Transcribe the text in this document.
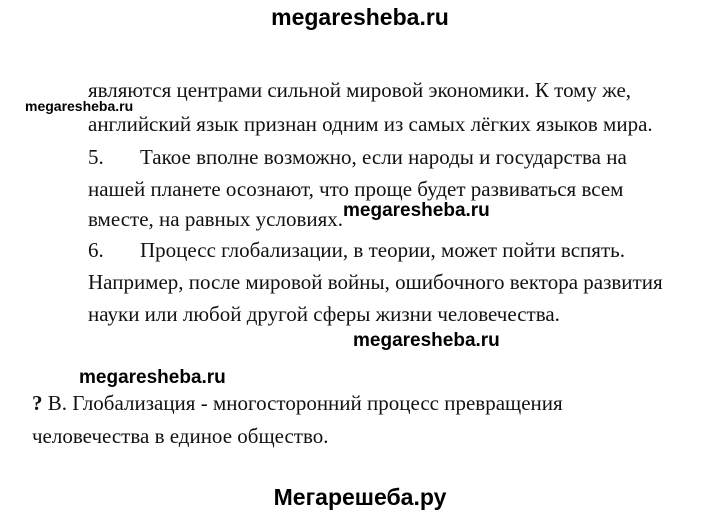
megaresheba.ru
являются центрами сильной мировой экономики. К тому же,
английский язык признан одним из самых лёгких языков мира.
5. Такое вполне возможно, если народы и государства на
нашей планете осознают, что проще будет развиваться всем
вместе, на равных условиях.
6. Процесс глобализации, в теории, может пойти вспять.
Например, после мировой войны, ошибочного вектора развития
науки или любой другой сферы жизни человечества.
? В. Глобализация - многосторонний процесс превращения
человечества в единое общество.
megaresheba.ru
megaresheba.ru
megaresheba.ru
megaresheba.ru
Мегарешеба.ру
